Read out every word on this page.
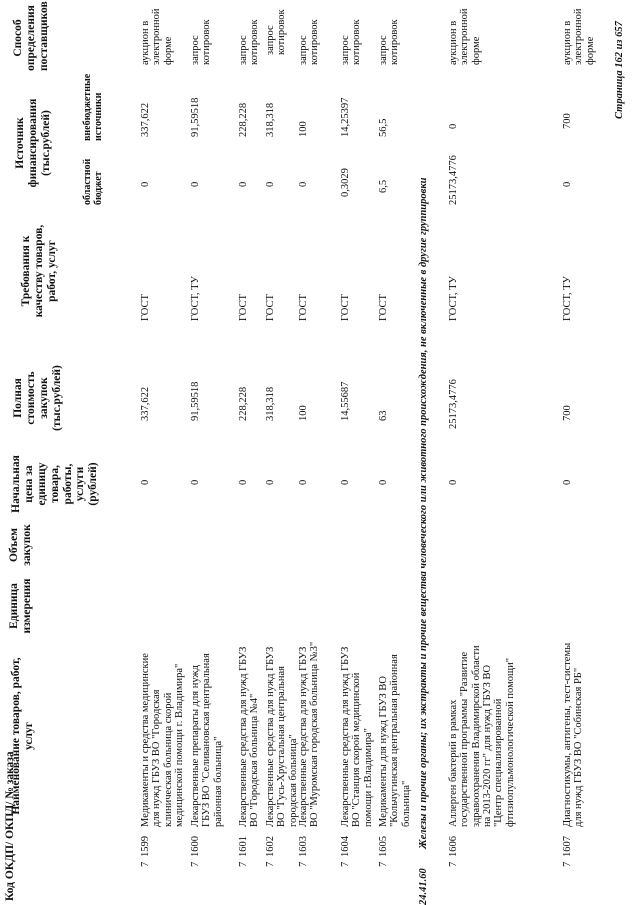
Код ОКДП/ ОКПД/ № заказа
Наименование товаров, работ, услуг
Единица измерения
Объем закупок
Начальная цена за единицу товара, работы, услуги (рублей)
Полная стоимость закупок (тыс.рублей)
Требования к качеству товаров, работ, услуг
Источник финансирования (тыс.рублей)
областной бюджет
внебюджетные источники
Способ определения поставщиков
7
1599
Медикаменты и средства медицинские для нужд ГБУЗ ВО "Городская клиническая больница скорой медицинской помощи г. Владимира"
0
337,622
ГОСТ
0
337,622
аукцион в электронной форме
7
1600
Лекарственные препараты для нужд ГБУЗ ВО "Селивановская центральная районная больница"
0
91,59518
ГОСТ, ТУ
0
91,59518
запрос котировок
7
1601
Лекарственные средства для нужд ГБУЗ ВО "Городская больница №4"
0
228,228
ГОСТ
0
228,228
запрос котировок
7
1602
Лекарственные средства для нужд ГБУЗ ВО "Гусь-Хрустальная центральная городская больница"
0
318,318
ГОСТ
0
318,318
запрос котировок
7
1603
Лекарственные средства для нужд ГБУЗ ВО "Муромская городская больница №3"
0
100
ГОСТ
0
100
запрос котировок
7
1604
Лекарственные средства для нужд ГБУЗ ВО "Станция скорой медицинской помощи г.Владимира"
0
14,55687
ГОСТ
0,3029
14,25397
запрос котировок
7
1605
Медикаменты для нужд ГБУЗ ВО "Кольчугинская центральная районная больница"
0
63
ГОСТ
6,5
56,5
запрос котировок
24.41.60
Железы и прочие органы; их экстракты и прочие вещества человеческого или животного происхождения, не включенные в другие группировки
7
1606
Аллерген бактерий в рамках государственной программы "Развитие здравоохранения Владимирской области на 2013-2020 гг" для нужд ГБУЗ ВО "Центр специализированной фтизиопульмонологической помощи"
0
25173,4776
ГОСТ, ТУ
25173,4776
0
аукцион в электронной форме
7
1607
Диагностикумы, антигены, тест-системы для нужд ГБУЗ ВО "Собинская РБ"
0
700
ГОСТ, ТУ
0
700
аукцион в электронной форме Страница 162 из 657
